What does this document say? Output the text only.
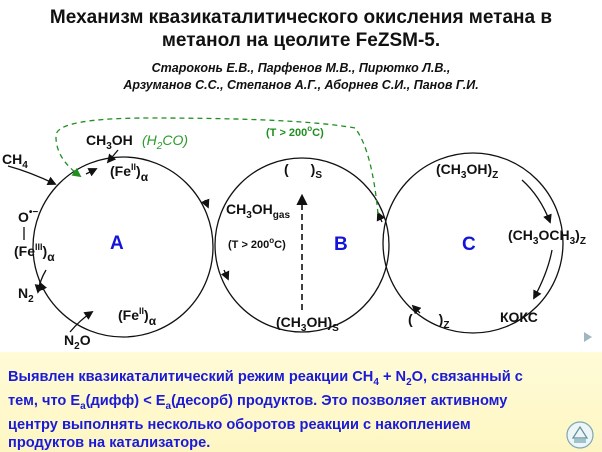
Механизм квазикаталитического окисления метана в
метанол на цеолите FeZSM-5.
Староконь Е.В., Парфенов М.В., Пирютко Л.В.,
Арзуманов С.С., Степанов А.Г., Аборнев С.И., Панов Г.И.
A	B	C
$CH_4$
$CH_3OH$ $(H_2CO)$
$(Fe^{II})\alpha$
O•−
$(Fe^{III})\alpha$
$N_2$
$(Fe^{II})\alpha$
$N_2O$
$(T > 200^oC)$
( )$_S$
$CH_3OH_{gas}$
$(T > 200^oC)$
$(CH_3OH)_S$
$(CH_3OH)_Z$
$(CH_3OCH_3)_Z$
( )$_Z$
КОКС
Выявлен квазикаталитический режим реакции $CH_4 + N_2O$, связанный с
тем, что $E_a(дифф)$ < $E_a(десорб)$ продуктов. Это позволяет активному
центру выполнять несколько оборотов реакции с накоплением
продуктов на катализаторе.
